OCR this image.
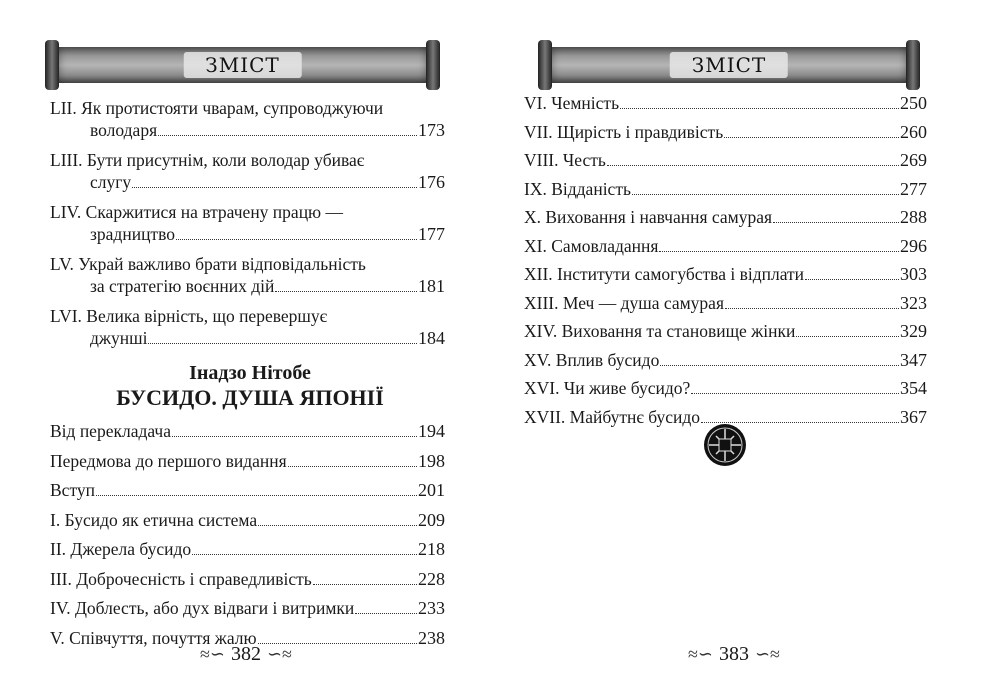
ЗМІСТ
LII. Як протистояти чварам, супроводжуючи
володаря	173
LIII. Бути присутнім, коли володар убиває
слугу	176
LIV. Скаржитися на втрачену працю —
зрадництво	177
LV. Украй важливо брати відповідальність
за стратегію воєнних дій	181
LVI. Велика вірність, що перевершує
джунші	184
Інадзо Нітобе
БУСИДО. ДУША ЯПОНІЇ
Від перекладача	194
Передмова до першого видання	198
Вступ	201
I. Бусидо як етична система	209
II. Джерела бусидо	218
III. Доброчесність і справедливість	228
IV. Доблесть, або дух відваги і витримки	233
V. Співчуття, почуття жалю	238
≈∽ 382 ∽≈
ЗМІСТ
VI. Чемність	250
VII. Щирість і правдивість	260
VIII. Честь	269
IX. Відданість	277
X. Виховання і навчання самурая	288
XI. Самовладання	296
XII. Інститути самогубства і відплати	303
XIII. Меч — душа самурая	323
XIV. Виховання та становище жінки	329
XV. Вплив бусидо	347
XVI. Чи живе бусидо?	354
XVII. Майбутнє бусидо	367
≈∽ 383 ∽≈
